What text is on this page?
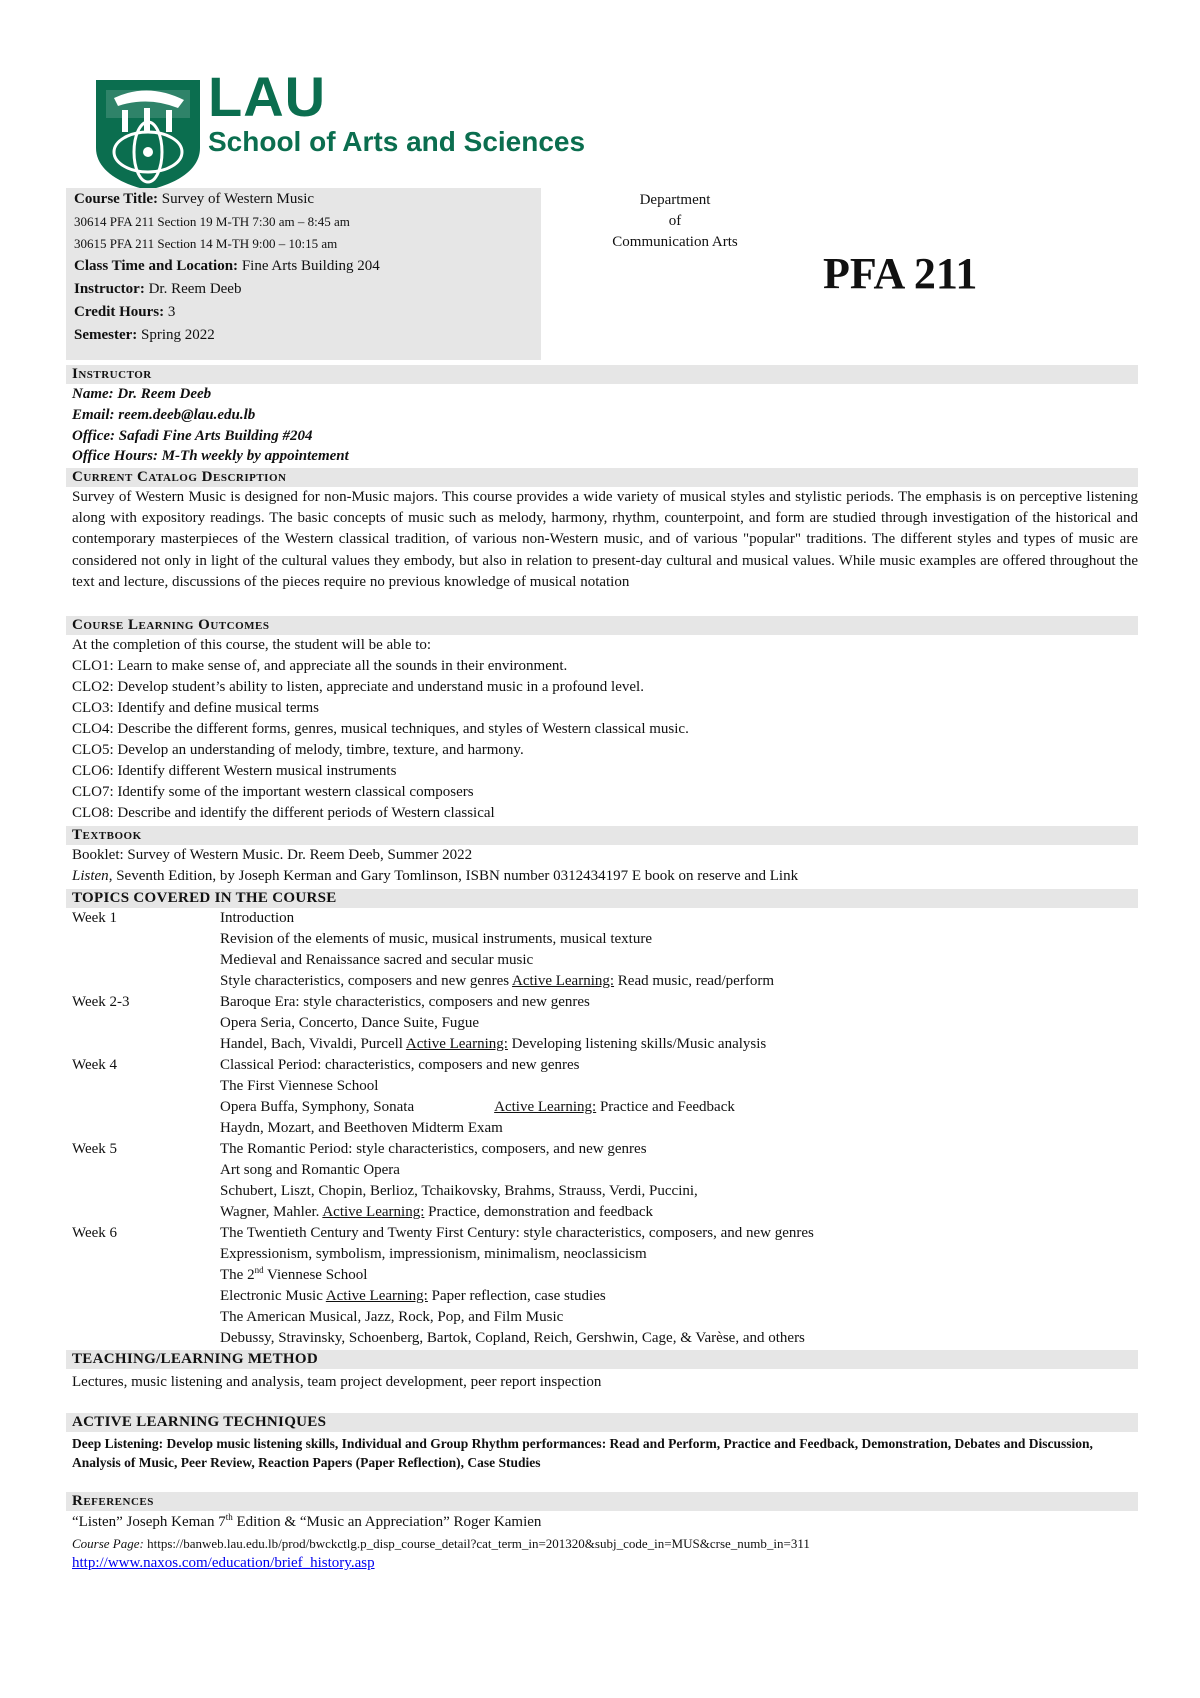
LAU
School of Arts and Sciences
Course Title: Survey of Western Music
30614 PFA 211 Section 19 M-TH 7:30 am – 8:45 am
30615 PFA 211 Section 14 M-TH 9:00 – 10:15 am
Class Time and Location: Fine Arts Building 204
Instructor: Dr. Reem Deeb
Credit Hours: 3
Semester: Spring 2022
Department
of
Communication Arts
PFA 211
Instructor
Name: Dr. Reem Deeb
Email: reem.deeb@lau.edu.lb
Office: Safadi Fine Arts Building #204
Office Hours: M-Th weekly by appointement
Current Catalog Description
Survey of Western Music is designed for non-Music majors. This course provides a wide variety of musical styles and stylistic periods. The emphasis is on perceptive listening along with expository readings. The basic concepts of music such as melody, harmony, rhythm, counterpoint, and form are studied through investigation of the historical and contemporary masterpieces of the Western classical tradition, of various non-Western music, and of various "popular" traditions. The different styles and types of music are considered not only in light of the cultural values they embody, but also in relation to present-day cultural and musical values. While music examples are offered throughout the text and lecture, discussions of the pieces require no previous knowledge of musical notation
Course Learning Outcomes
At the completion of this course, the student will be able to:
CLO1: Learn to make sense of, and appreciate all the sounds in their environment.
CLO2: Develop student’s ability to listen, appreciate and understand music in a profound level.
CLO3: Identify and define musical terms
CLO4: Describe the different forms, genres, musical techniques, and styles of Western classical music.
CLO5: Develop an understanding of melody, timbre, texture, and harmony.
CLO6: Identify different Western musical instruments
CLO7: Identify some of the important western classical composers
CLO8: Describe and identify the different periods of Western classical
Textbook
Booklet: Survey of Western Music. Dr. Reem Deeb, Summer 2022
Listen, Seventh Edition, by Joseph Kerman and Gary Tomlinson, ISBN number 0312434197 E book on reserve and Link
TOPICS COVERED IN THE COURSE
Week 1	Introduction
Revision of the elements of music, musical instruments, musical texture
Medieval and Renaissance sacred and secular music
Style characteristics, composers and new genres Active Learning: Read music, read/perform
Week 2-3	Baroque Era: style characteristics, composers and new genres
Opera Seria, Concerto, Dance Suite, Fugue
Handel, Bach, Vivaldi, Purcell Active Learning: Developing listening skills/Music analysis
Week 4	Classical Period: characteristics, composers and new genres
The First Viennese School
Opera Buffa, Symphony, Sonata	Active Learning: Practice and Feedback
Haydn, Mozart, and Beethoven Midterm Exam
Week 5	The Romantic Period: style characteristics, composers, and new genres
Art song and Romantic Opera
Schubert, Liszt, Chopin, Berlioz, Tchaikovsky, Brahms, Strauss, Verdi, Puccini,
Wagner, Mahler. Active Learning: Practice, demonstration and feedback
Week 6	The Twentieth Century and Twenty First Century: style characteristics, composers, and new genres
Expressionism, symbolism, impressionism, minimalism, neoclassicism
The 2nd Viennese School
Electronic Music Active Learning: Paper reflection, case studies
The American Musical, Jazz, Rock, Pop, and Film Music
Debussy, Stravinsky, Schoenberg, Bartok, Copland, Reich, Gershwin, Cage, & Varèse, and others
TEACHING/LEARNING METHOD
Lectures, music listening and analysis, team project development, peer report inspection
ACTIVE LEARNING TECHNIQUES
Deep Listening: Develop music listening skills, Individual and Group Rhythm performances: Read and Perform, Practice and Feedback, Demonstration, Debates and Discussion, Analysis of Music, Peer Review, Reaction Papers (Paper Reflection), Case Studies
References
“Listen” Joseph Keman 7th Edition & “Music an Appreciation” Roger Kamien
Course Page: https://banweb.lau.edu.lb/prod/bwckctlg.p_disp_course_detail?cat_term_in=201320&subj_code_in=MUS&crse_numb_in=311
http://www.naxos.com/education/brief_history.asp
